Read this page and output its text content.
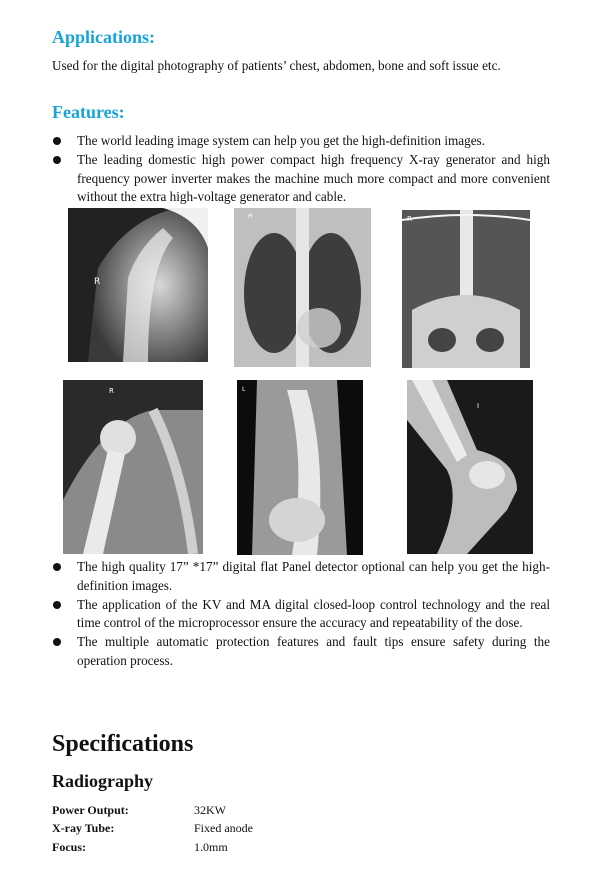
Applications:

Used for the digital photography of patients’ chest, abdomen, bone and soft issue etc.

Features:
The world leading image system can help you get the high-definition images.
The leading domestic high power compact high frequency X-ray generator and high frequency power inverter makes the machine much more compact and more convenient without the extra high-voltage generator and cable.
R
H	R
R	L
I
The high quality 17” *17” digital flat Panel detector optional can help you get the high-definition images.
The application of the KV and MA digital closed-loop control technology and the real time control of the microprocessor ensure the accuracy and repeatability of the dose.
The multiple automatic protection features and fault tips ensure safety during the operation process.
Specifications
Radiography
Power Output:	32KW
X-ray Tube:	Fixed anode
Focus:	1.0mm
